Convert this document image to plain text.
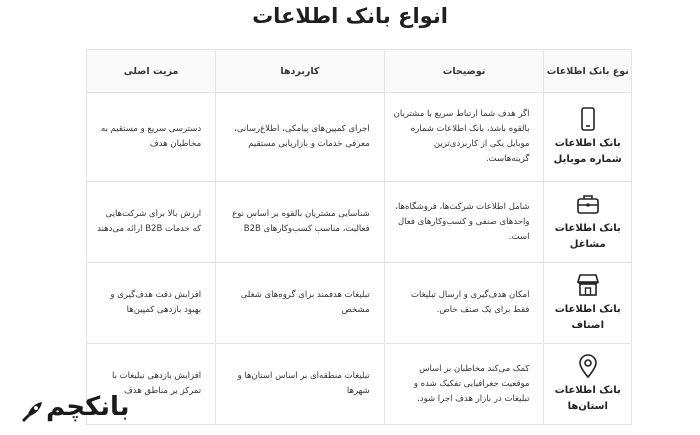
انواع بانک اطلاعات
نوع بانک اطلاعات	توضیحات	کاربردها	مزیت اصلی

بانک اطلاعات
شماره موبایل	اگر هدف شما ارتباط سریع با مشتریان بالقوه باشد، بانک اطلاعات شماره موبایل یکی از کاربردی‌ترین گزینه‌هاست.	اجرای کمپین‌های پیامکی، اطلاع‌رسانی، معرفی خدمات و بازاریابی مستقیم	دسترسی سریع و مستقیم به مخاطبان هدف

بانک اطلاعات
مشاغل	شامل اطلاعات شرکت‌ها، فروشگاه‌ها، واحدهای صنفی و کسب‌وکارهای فعال است.	شناسایی مشتریان بالقوه بر اساس نوع فعالیت، مناسب کسب‌وکارهای B2B	ارزش بالا برای شرکت‌هایی که خدمات B2B ارائه می‌دهند

بانک اطلاعات
اصناف	امکان هدف‌گیری و ارسال تبلیغات فقط برای یک صنف خاص.	تبلیغات هدفمند برای گروه‌های شغلی مشخص	افزایش دقت هدف‌گیری و بهبود بازدهی کمپین‌ها

بانک اطلاعات
استان‌ها	کمک می‌کند مخاطبان بر اساس موقعیت جغرافیایی تفکیک شده و تبلیغات در بازار هدف اجرا شود.	تبلیغات منطقه‌ای بر اساس استان‌ها و شهرها	افزایش بازدهی تبلیغات با تمرکز بر مناطق هدف
بانکچم
